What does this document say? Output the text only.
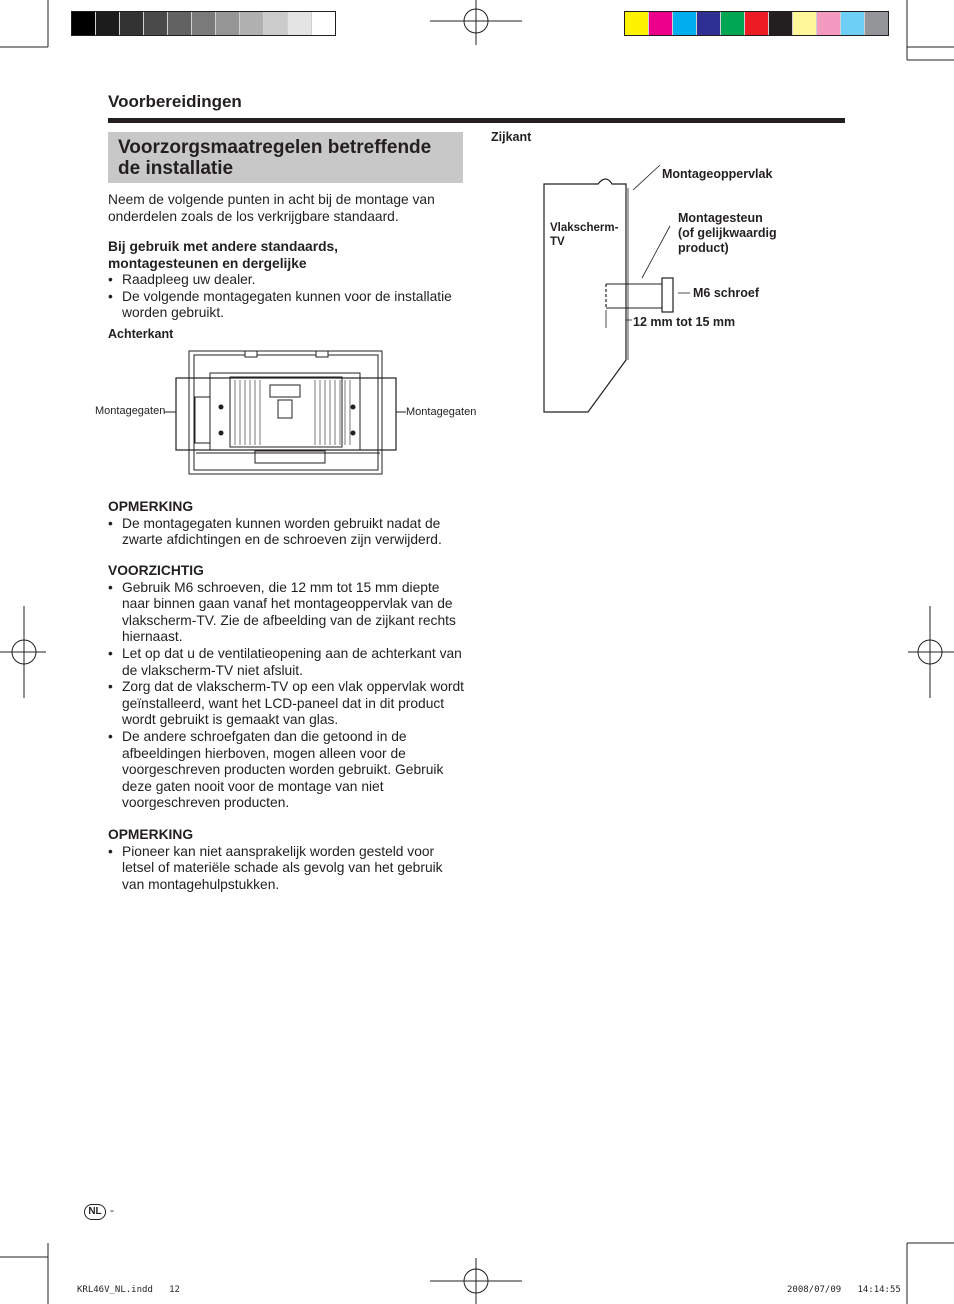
Voorbereidingen
Voorzorgsmaatregelen betreffende
de installatie
Neem de volgende punten in acht bij de montage van onderdelen zoals de los verkrijgbare standaard.
Bij gebruik met andere standaards, montagesteunen en dergelijke
• Raadpleeg uw dealer.
• De volgende montagegaten kunnen voor de installatie worden gebruikt.
Achterkant
Montagegaten	Montagegaten
OPMERKING
• De montagegaten kunnen worden gebruikt nadat de zwarte afdichtingen en de schroeven zijn verwijderd.
VOORZICHTIG
• Gebruik M6 schroeven, die 12 mm tot 15 mm diepte naar binnen gaan vanaf het montageoppervlak van de vlakscherm-TV. Zie de afbeelding van de zijkant rechts hiernaast.
• Let op dat u de ventilatieopening aan de achterkant van de vlakscherm-TV niet afsluit.
• Zorg dat de vlakscherm-TV op een vlak oppervlak wordt geïnstalleerd, want het LCD-paneel dat in dit product wordt gebruikt is gemaakt van glas.
• De andere schroefgaten dan die getoond in de afbeeldingen hierboven, mogen alleen voor de voorgeschreven producten worden gebruikt. Gebruik deze gaten nooit voor de montage van niet voorgeschreven producten.
OPMERKING
• Pioneer kan niet aansprakelijk worden gesteld voor letsel of materiële schade als gevolg van het gebruik van montagehulpstukken.
Zijkant
Montageoppervlak
Vlakscherm-
TV
Montagesteun
(of gelijkwaardig
product)
M6 schroef
12 mm tot 15 mm
NL -
KRL46V_NL.indd   12	2008/07/09   14:14:55
